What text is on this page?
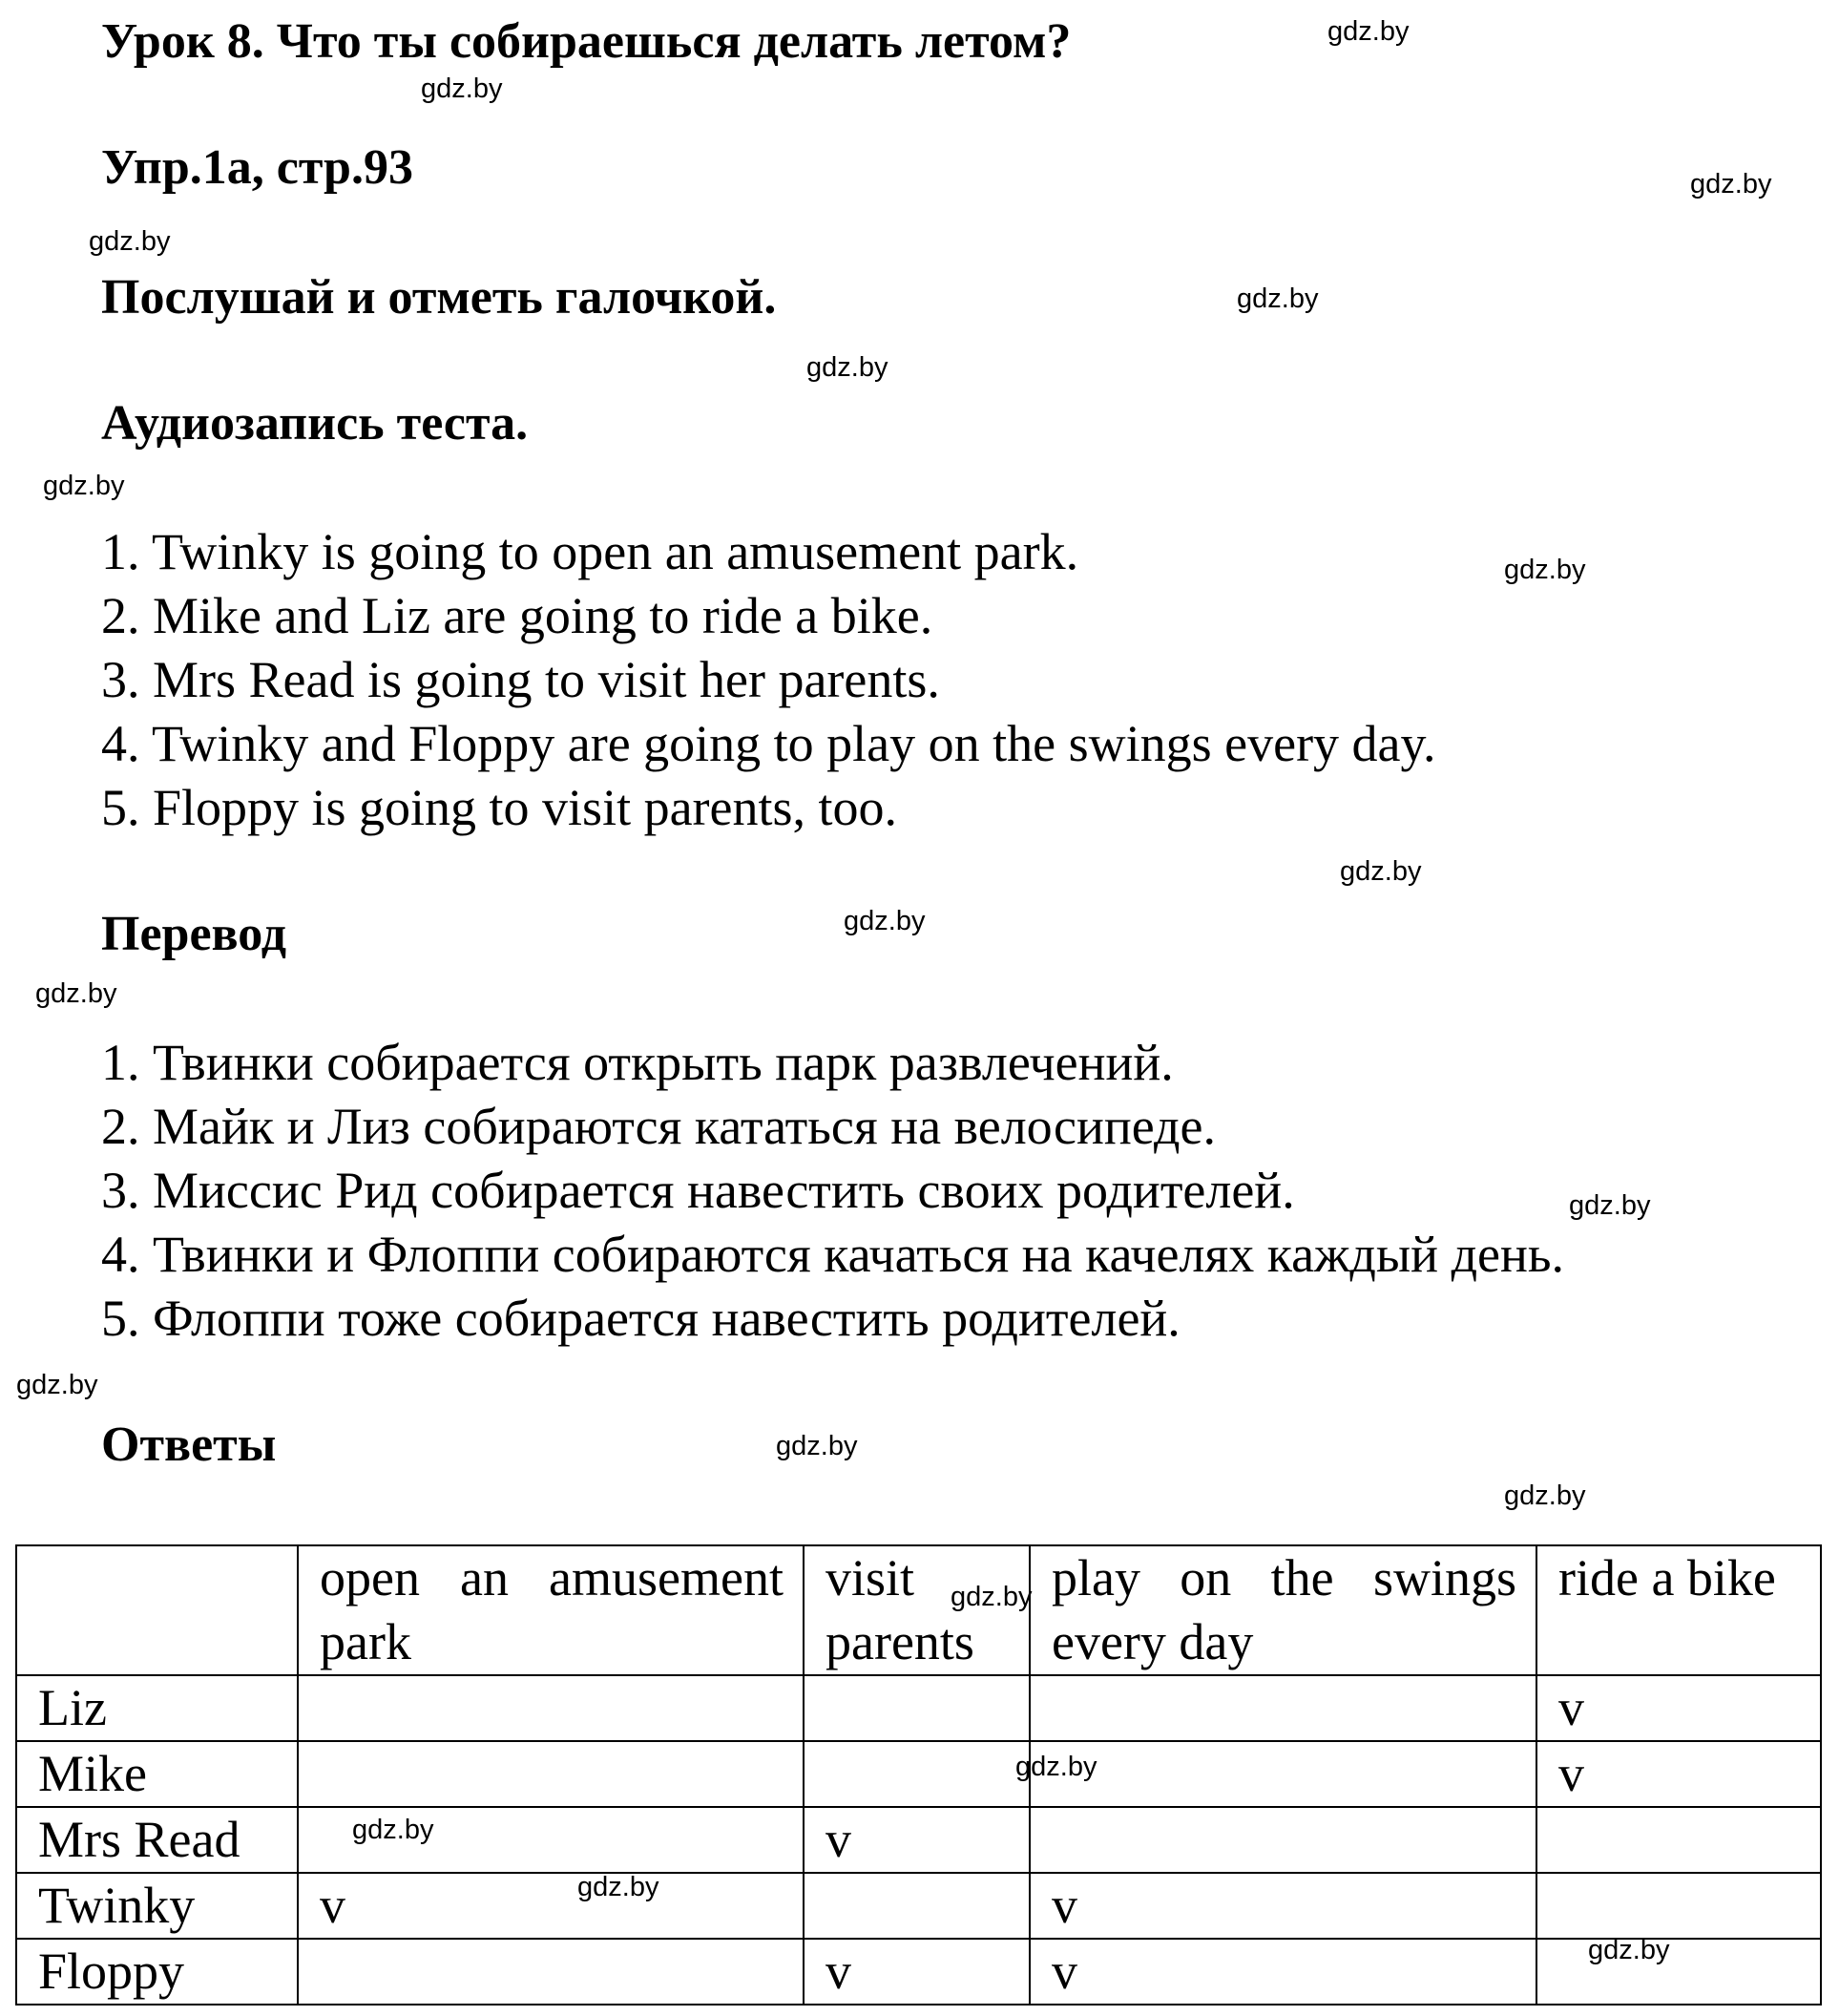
Урок 8. Что ты собираешься делать летом?
Упр.1a, стр.93
Послушай и отметь галочкой.
Аудиозапись теста.
1. Twinky is going to open an amusement park.
2. Mike and Liz are going to ride a bike.
3. Mrs Read is going to visit her parents.
4. Twinky and Floppy are going to play on the swings every day.
5. Floppy is going to visit parents, too.
Перевод
1. Твинки собирается открыть парк развлечений.
2. Майк и Лиз собираются кататься на велосипеде.
3. Миссис Рид собирается навестить своих родителей.
4. Твинки и Флоппи собираются качаться на качелях каждый день.
5. Флоппи тоже собирается навестить родителей.
Ответы
	open an amusement park	visit parents	play on the swings every day	ride a bike
Liz				v
Mike				v
Mrs Read		v		
Twinky	v		v	
Floppy		v	v	
gdz.by
gdz.by
gdz.by
gdz.by
gdz.by
gdz.by
gdz.by
gdz.by
gdz.by
gdz.by
gdz.by
gdz.by
gdz.by
gdz.by
gdz.by
gdz.by
gdz.by
gdz.by
gdz.by
gdz.by
